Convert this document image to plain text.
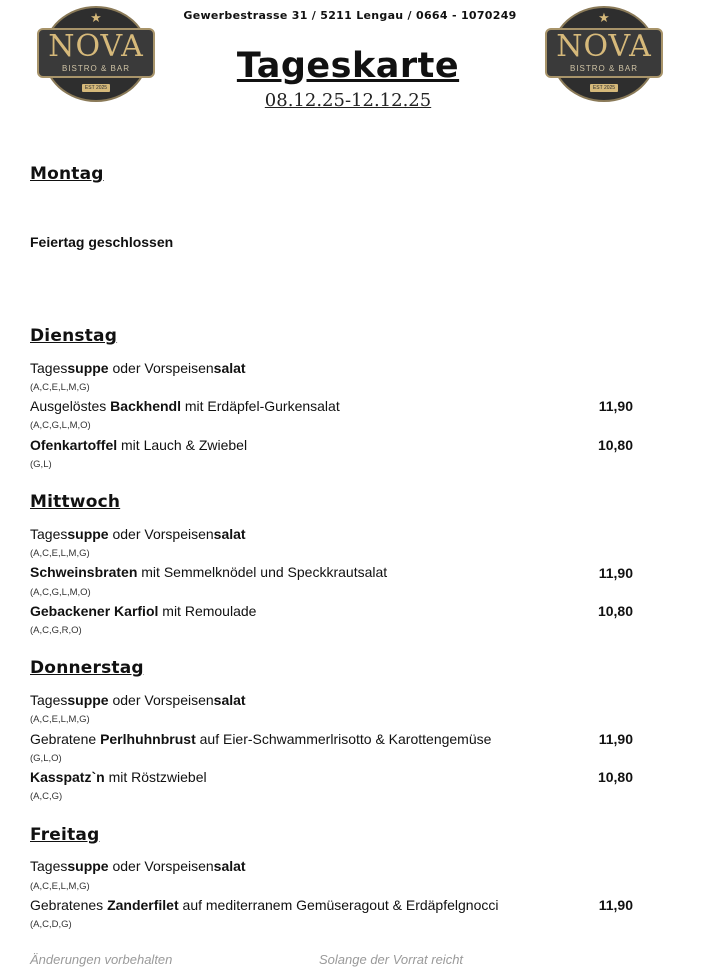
★
NOVA
BISTRO & BAR
EST 2025
★
NOVA
BISTRO & BAR
EST 2025
Gewerbestrasse 31 / 5211 Lengau / 0664 - 1070249
Tageskarte
08.12.25-12.12.25
Montag
Feiertag geschlossen
Dienstag
Tagessuppe oder Vorspeisensalat
(A,C,E,L,M,G)
Ausgelöstes Backhendl mit Erdäpfel-Gurkensalat	11,90
(A,C,G,L,M,O)
Ofenkartoffel mit Lauch & Zwiebel	10,80
(G,L)
Mittwoch
Tagessuppe oder Vorspeisensalat
(A,C,E,L,M,G)
Schweinsbraten mit Semmelknödel und Speckkrautsalat	11,90
(A,C,G,L,M,O)
Gebackener Karfiol mit Remoulade	10,80
(A,C,G,R,O)
Donnerstag
Tagessuppe oder Vorspeisensalat
(A,C,E,L,M,G)
Gebratene Perlhuhnbrust auf Eier-Schwammerlrisotto & Karottengemüse	11,90
(G,L,O)
Kasspatz`n mit Röstzwiebel	10,80
(A,C,G)
Freitag
Tagessuppe oder Vorspeisensalat
(A,C,E,L,M,G)
Gebratenes Zanderfilet auf mediterranem Gemüseragout & Erdäpfelgnocci	11,90
(A,C,D,G)
Änderungen vorbehalten	Solange der Vorrat reicht
